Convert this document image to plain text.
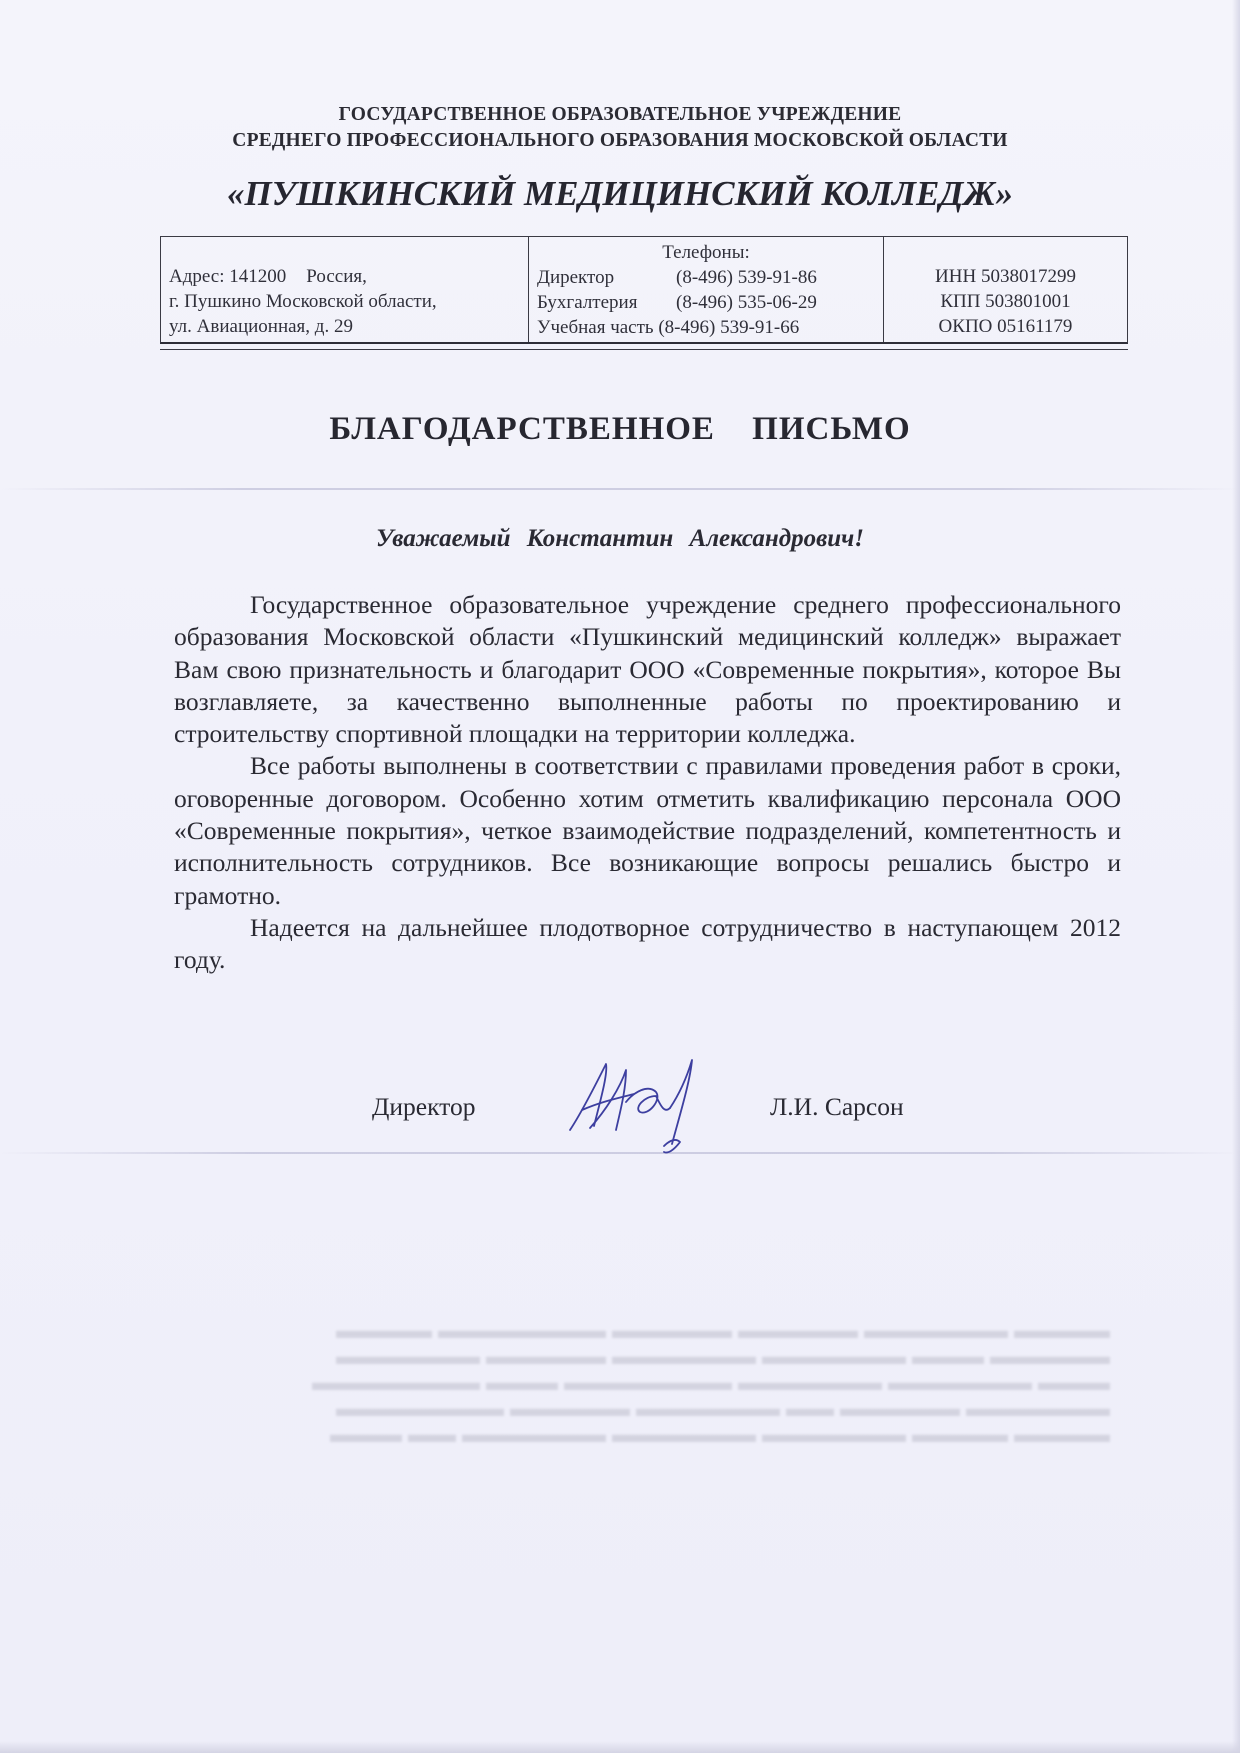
ГОСУДАРСТВЕННОЕ ОБРАЗОВАТЕЛЬНОЕ УЧРЕЖДЕНИЕ
СРЕДНЕГО ПРОФЕССИОНАЛЬНОГО ОБРАЗОВАНИЯ МОСКОВСКОЙ ОБЛАСТИ
«ПУШКИНСКИЙ МЕДИЦИНСКИЙ КОЛЛЕДЖ»
Адрес: 141200 Россия,
г. Пушкино Московской области,
ул. Авиационная, д. 29
Телефоны:
Директор	(8-496) 539-91-86
Бухгалтерия	(8-496) 535-06-29
Учебная часть
(8-496) 539-91-66
ИНН 5038017299
КПП 503801001
ОКПО 05161179
БЛАГОДАРСТВЕННОЕ ПИСЬМО
Уважаемый Константин Александрович!

Государственное образовательное учреждение среднего профессионального образования Московской области «Пушкинский медицинский колледж» выражает Вам свою признательность и благодарит ООО «Современные покрытия», которое Вы возглавляете, за качественно выполненные работы по проектированию и строительству спортивной площадки на территории колледжа.

Все работы выполнены в соответствии с правилами проведения работ в сроки, оговоренные договором. Особенно хотим отметить квалификацию персонала ООО «Современные покрытия», четкое взаимодействие подразделений, компетентность и исполнительность сотрудников. Все возникающие вопросы решались быстро и грамотно.

Надеется на дальнейшее плодотворное сотрудничество в наступающем 2012 году.

Директор	Л.И. Сарсон
▬▬▬▬ ▬▬▬▬▬▬ ▬▬▬▬▬ ▬▬▬▬▬ ▬▬▬▬▬▬▬ ▬▬▬▬
▬▬▬▬▬ ▬▬▬ ▬▬▬▬▬▬ ▬▬▬▬▬▬ ▬▬▬▬▬ ▬▬▬▬▬▬
▬▬▬ ▬▬▬▬▬▬ ▬▬▬▬▬▬ ▬▬▬▬▬▬▬ ▬▬▬ ▬▬▬▬▬▬▬
▬▬▬▬▬▬ ▬▬▬▬▬ ▬▬ ▬▬▬▬▬▬ ▬▬▬▬▬ ▬▬▬▬▬▬▬
▬▬▬▬ ▬▬▬▬ ▬▬▬▬▬▬ ▬▬▬▬▬▬ ▬▬▬▬▬▬ ▬▬ ▬▬▬
